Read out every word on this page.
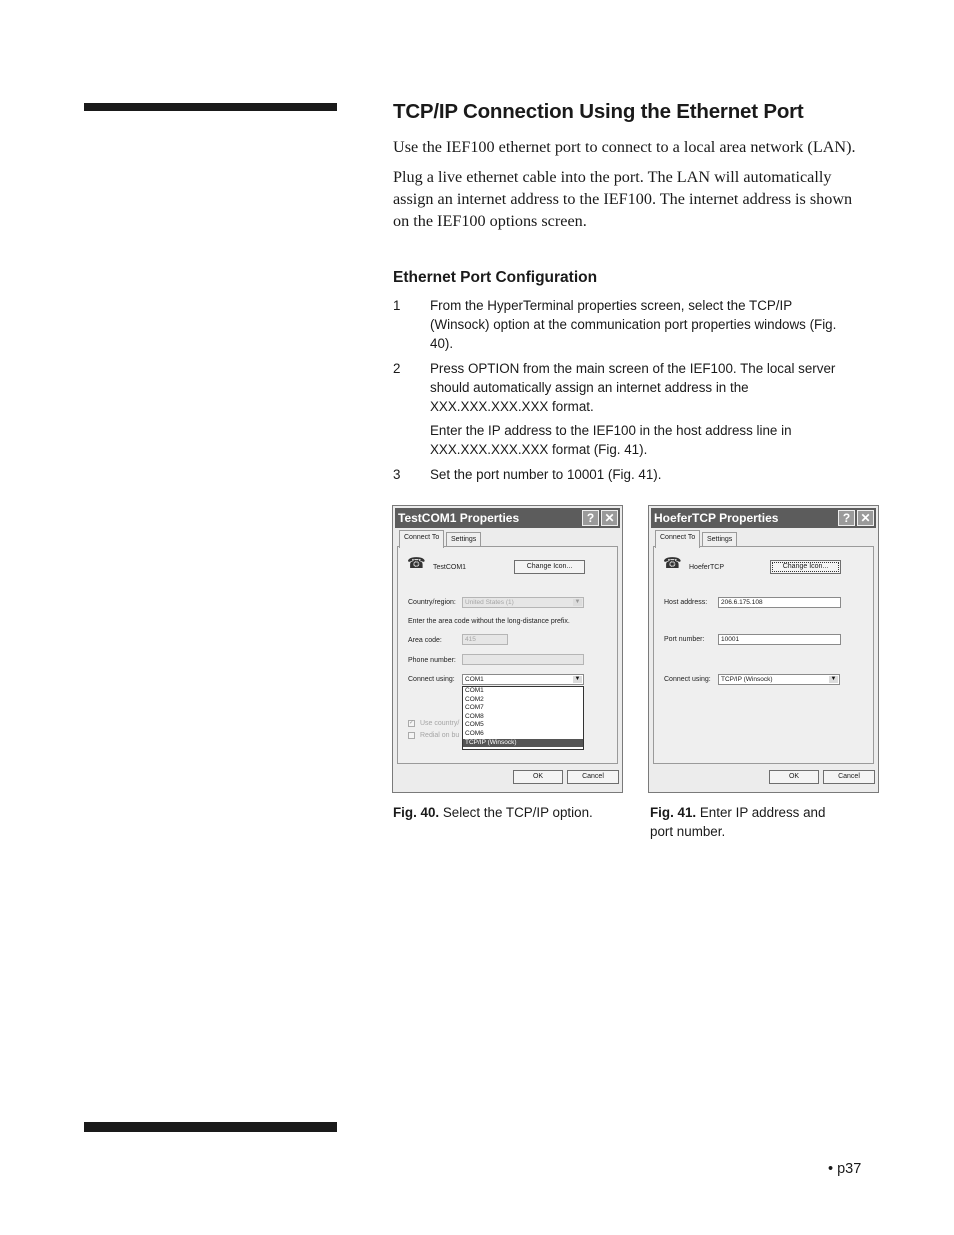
TCP/IP Connection Using the Ethernet Port

Use the IEF100 ethernet port to connect to a local area network (LAN).

Plug a live ethernet cable into the port. The LAN will automatically assign an internet address to the IEF100. The internet address is shown on the IEF100 options screen.

Ethernet Port Configuration
1	From the HyperTerminal properties screen, select the TCP/IP (Winsock) option at the communication port properties windows (Fig. 40).
2	Press OPTION from the main screen of the IEF100. The local server should automatically assign an internet address in the XXX.XXX.XXX.XXX format.
Enter the IP address to the IEF100 in the host address line in XXX.XXX.XXX.XXX format (Fig. 41).
3	Set the port number to 10001 (Fig. 41).
TestCOM1 Properties	? ✕
Connect To	Settings
☎ TestCOM1	Change Icon...
Country/region:	United States (1)	▼
Enter the area code without the long-distance prefix.
Area code:	415
Phone number:
Connect using:	COM1	▼
COM1
COM2
COM7
COM8
COM5
COM6
TCP/IP (Winsock)
✓ Use country/
Redial on bu
OK	Cancel
HoeferTCP Properties	? ✕
Connect To	Settings
☎ HoeferTCP	Change Icon...
Host address:	206.6.175.108
Port number:	10001
Connect using:	TCP/IP (Winsock)	▼
OK	Cancel
Fig. 40. Select the TCP/IP option.	Fig. 41. Enter IP address and port number.
• p37
